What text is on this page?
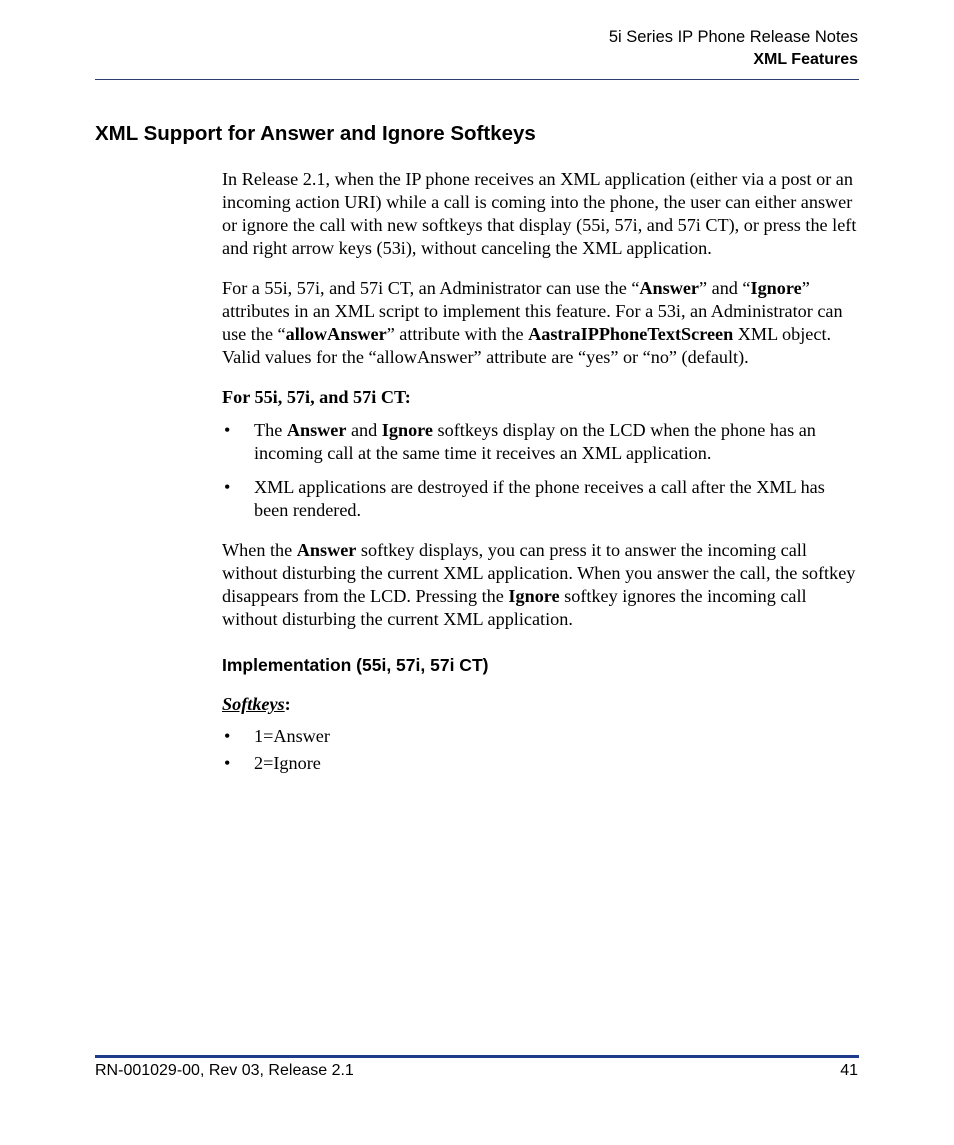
5i Series IP Phone Release Notes
XML Features
XML Support for Answer and Ignore Softkeys

In Release 2.1, when the IP phone receives an XML application (either via a post or an incoming action URI) while a call is coming into the phone, the user can either answer or ignore the call with new softkeys that display (55i, 57i, and 57i CT), or press the left and right arrow keys (53i), without canceling the XML application.

For a 55i, 57i, and 57i CT, an Administrator can use the “Answer” and “Ignore” attributes in an XML script to implement this feature. For a 53i, an Administrator can use the “allowAnswer” attribute with the AastraIPPhoneTextScreen XML object. Valid values for the “allowAnswer” attribute are “yes” or “no” (default).

For 55i, 57i, and 57i CT:

• The Answer and Ignore softkeys display on the LCD when the phone has an incoming call at the same time it receives an XML application.
• XML applications are destroyed if the phone receives a call after the XML has been rendered.

When the Answer softkey displays, you can press it to answer the incoming call without disturbing the current XML application. When you answer the call, the softkey disappears from the LCD. Pressing the Ignore softkey ignores the incoming call without disturbing the current XML application.

Implementation (55i, 57i, 57i CT)

Softkeys:

• 1=Answer
• 2=Ignore
RN-001029-00, Rev 03, Release 2.1	41
